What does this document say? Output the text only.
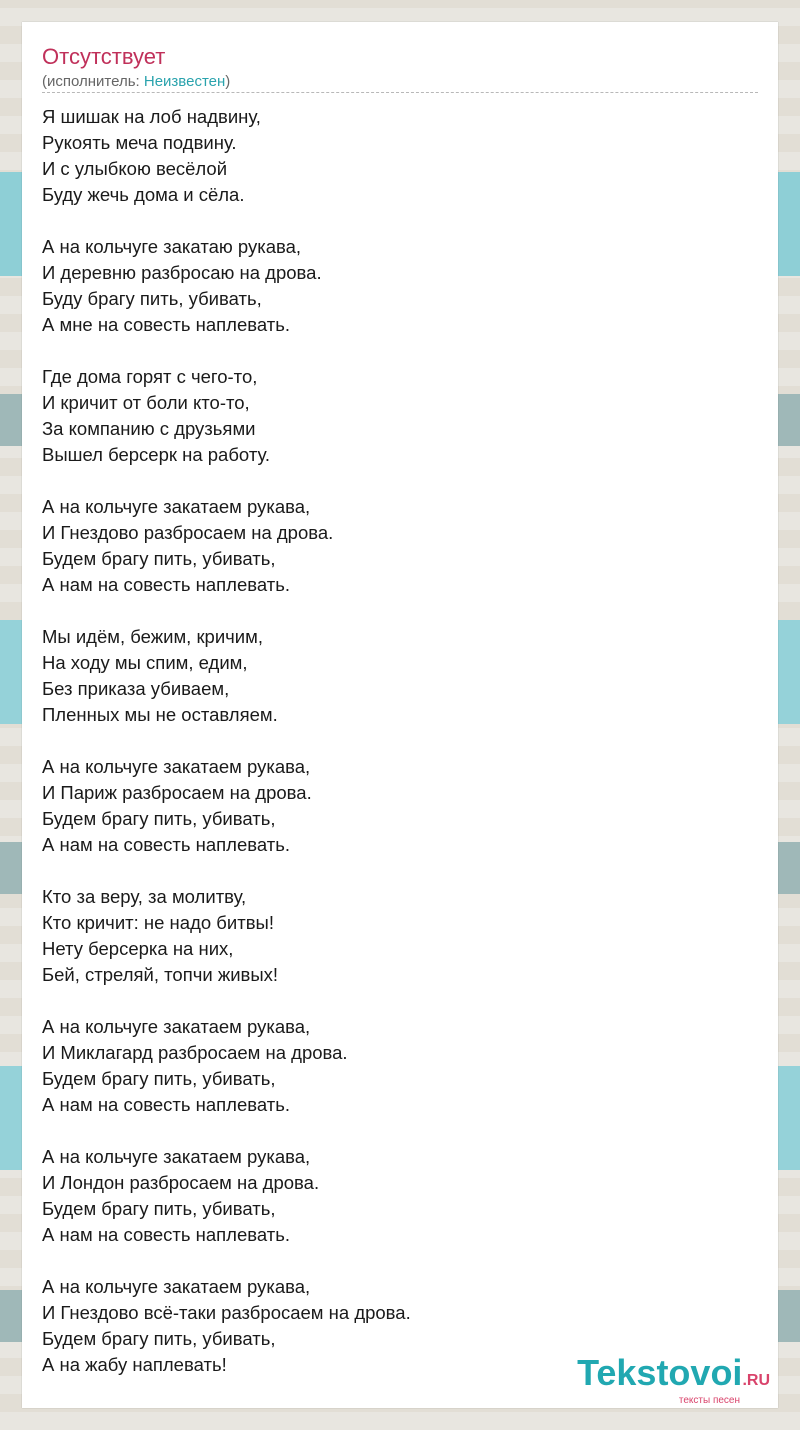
Отсутствует
(исполнитель: Неизвестен)
Я шишак на лоб надвину,
Рукоять меча подвину.
И с улыбкою весёлой
Буду жечь дома и сёла.
А на кольчуге закатаю рукава,
И деревню разбросаю на дрова.
Буду брагу пить, убивать,
А мне на совесть наплевать.
Где дома горят с чего-то,
И кричит от боли кто-то,
За компанию с друзьями
Вышел берсерк на работу.
А на кольчуге закатаем рукава,
И Гнездово разбросаем на дрова.
Будем брагу пить, убивать,
А нам на совесть наплевать.
Мы идём, бежим, кричим,
На ходу мы спим, едим,
Без приказа убиваем,
Пленных мы не оставляем.
А на кольчуге закатаем рукава,
И Париж разбросаем на дрова.
Будем брагу пить, убивать,
А нам на совесть наплевать.
Кто за веру, за молитву,
Кто кричит: не надо битвы!
Нету берсерка на них,
Бей, стреляй, топчи живых!
А на кольчуге закатаем рукава,
И Миклагард разбросаем на дрова.
Будем брагу пить, убивать,
А нам на совесть наплевать.
А на кольчуге закатаем рукава,
И Лондон разбросаем на дрова.
Будем брагу пить, убивать,
А нам на совесть наплевать.
А на кольчуге закатаем рукава,
И Гнездово всё-таки разбросаем на дрова.
Будем брагу пить, убивать,
А на жабу наплевать!	Tekstovoi.RU
тексты песен
